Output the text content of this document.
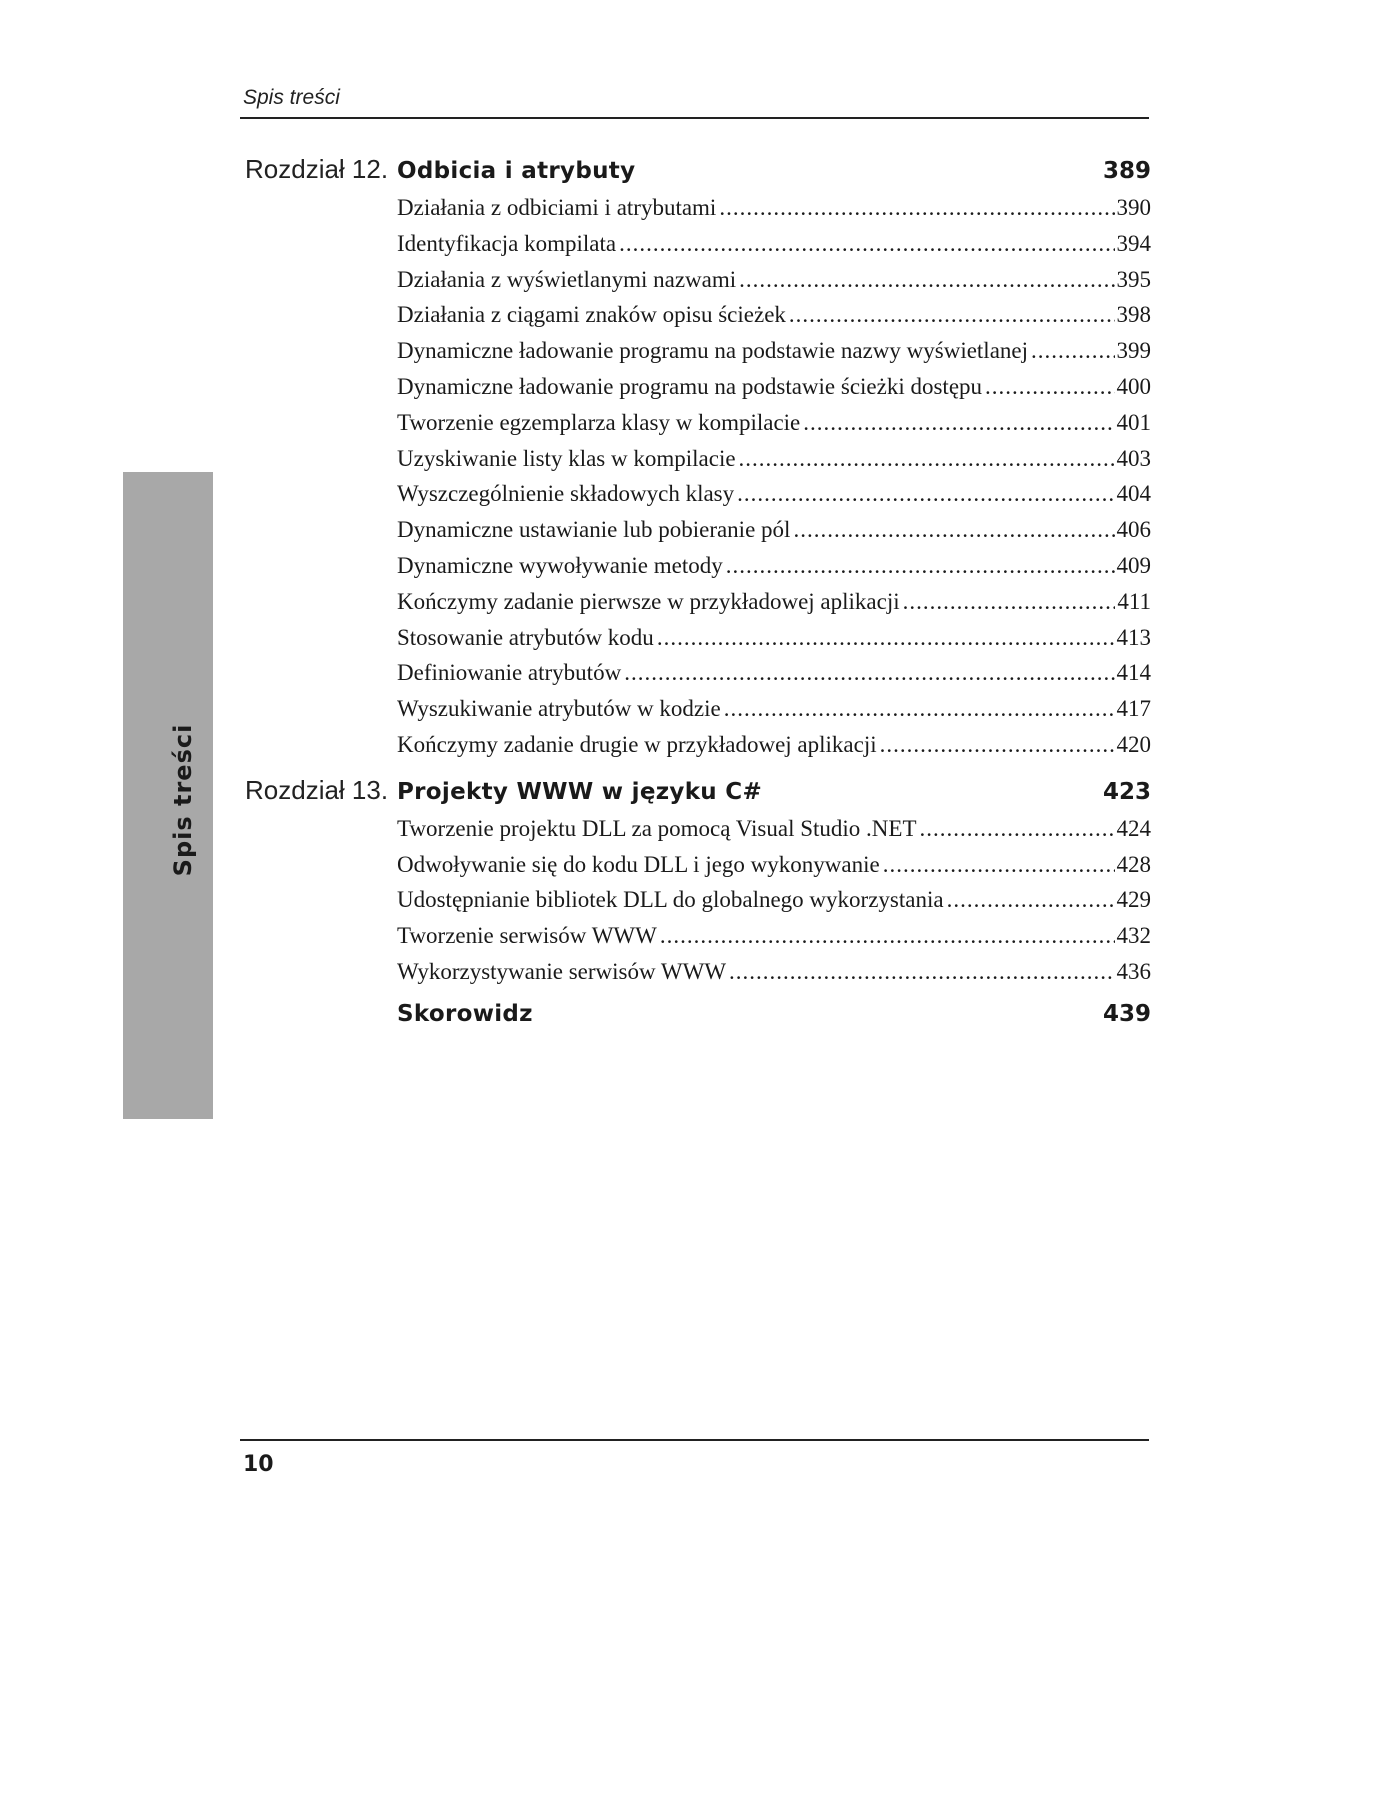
Spis treści
Spis treści
Rozdział 12. Odbicia i atrybuty	389
Działania z odbiciami i atrybutami .....	390
Identyfikacja kompilata .....	394
Działania z wyświetlanymi nazwami .....	395
Działania z ciągami znaków opisu ścieżek .....	398
Dynamiczne ładowanie programu na podstawie nazwy wyświetlanej .....	399
Dynamiczne ładowanie programu na podstawie ścieżki dostępu .....	400
Tworzenie egzemplarza klasy w kompilacie .....	401
Uzyskiwanie listy klas w kompilacie .....	403
Wyszczególnienie składowych klasy .....	404
Dynamiczne ustawianie lub pobieranie pól .....	406
Dynamiczne wywoływanie metody .....	409
Kończymy zadanie pierwsze w przykładowej aplikacji .....	411
Stosowanie atrybutów kodu .....	413
Definiowanie atrybutów .....	414
Wyszukiwanie atrybutów w kodzie .....	417
Kończymy zadanie drugie w przykładowej aplikacji .....	420
Rozdział 13. Projekty WWW w języku C#	423
Tworzenie projektu DLL za pomocą Visual Studio .NET .....	424
Odwoływanie się do kodu DLL i jego wykonywanie .....	428
Udostępnianie bibliotek DLL do globalnego wykorzystania .....	429
Tworzenie serwisów WWW .....	432
Wykorzystywanie serwisów WWW .....	436
Skorowidz	439
10
